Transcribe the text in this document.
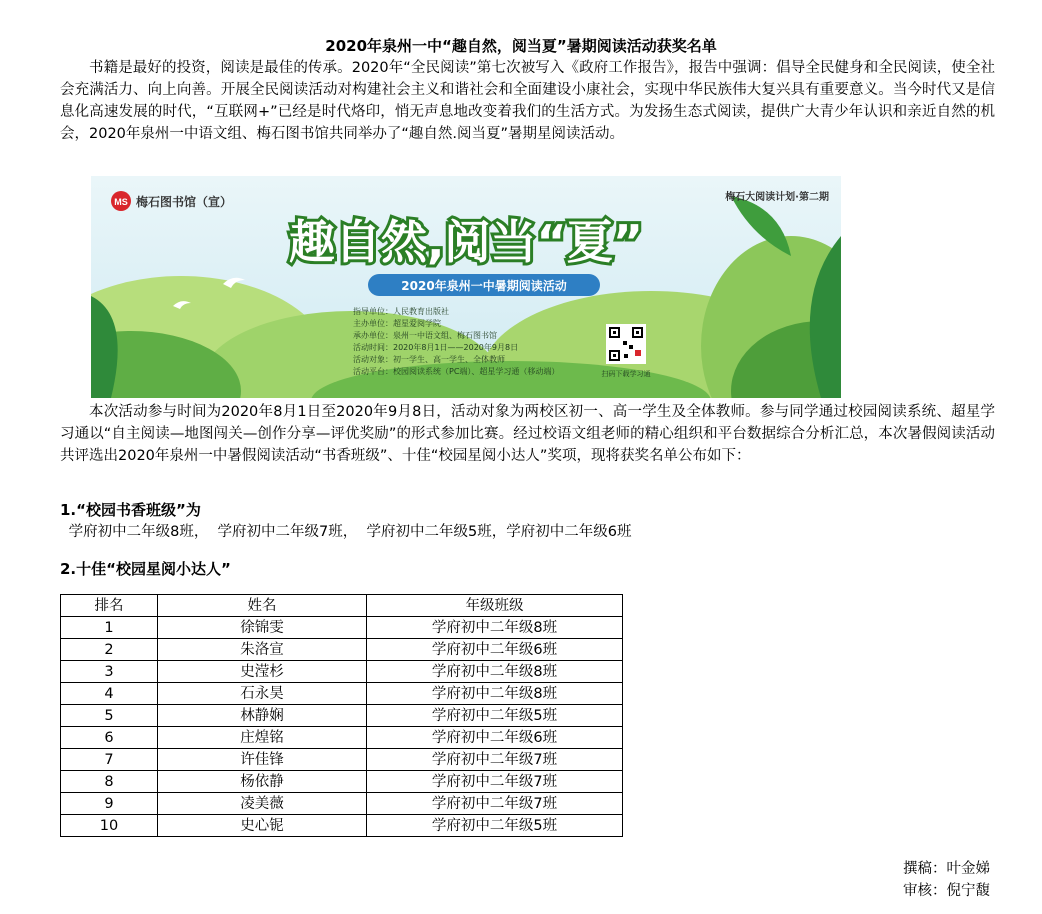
2020年泉州一中“趣自然，阅当夏”暑期阅读活动获奖名单

书籍是最好的投资，阅读是最佳的传承。2020年“全民阅读”第七次被写入《政府工作报告》，报告中强调：倡导全民健身和全民阅读，使全社会充满活力、向上向善。开展全民阅读活动对构建社会主义和谐社会和全面建设小康社会，实现中华民族伟大复兴具有重要意义。当今时代又是信息化高速发展的时代，“互联网+”已经是时代烙印，悄无声息地改变着我们的生活方式。为发扬生态式阅读，提供广大青少年认识和亲近自然的机会，2020年泉州一中语文组、梅石图书馆共同举办了“趣自然.阅当夏”暑期星阅读活动。

MS 梅石图书馆（宣）	梅石大阅读计划·第二期
趣自然,阅当“夏”
2020年泉州一中暑期阅读活动
指导单位：人民教育出版社
主办单位：超星爱阅学院
承办单位：泉州一中语文组、梅石图书馆
活动时间：2020年8月1日——2020年9月8日
活动对象：初一学生、高一学生、全体教师
活动平台：校园阅读系统（PC端）、超星学习通（移动端）	扫码下载学习通

本次活动参与时间为2020年8月1日至2020年9月8日，活动对象为两校区初一、高一学生及全体教师。参与同学通过校园阅读系统、超星学习通以“自主阅读—地图闯关—创作分享—评优奖励”的形式参加比赛。经过校语文组老师的精心组织和平台数据综合分析汇总，本次暑假阅读活动共评选出2020年泉州一中暑假阅读活动“书香班级”、十佳“校园星阅小达人”奖项，现将获奖名单公布如下：

1.“校园书香班级”为
学府初中二年级8班，  学府初中二年级7班，  学府初中二年级5班，学府初中二年级6班
2.十佳“校园星阅小达人”
排名	姓名	年级班级
1	徐锦雯	学府初中二年级8班
2	朱洛宣	学府初中二年级6班
3	史滢杉	学府初中二年级8班
4	石永昊	学府初中二年级8班
5	林静娴	学府初中二年级5班
6	庄煌铭	学府初中二年级6班
7	许佳锋	学府初中二年级7班
8	杨依静	学府初中二年级7班
9	凌美薇	学府初中二年级7班
10	史心铌	学府初中二年级5班
撰稿：叶金娣
审核：倪宁馥
